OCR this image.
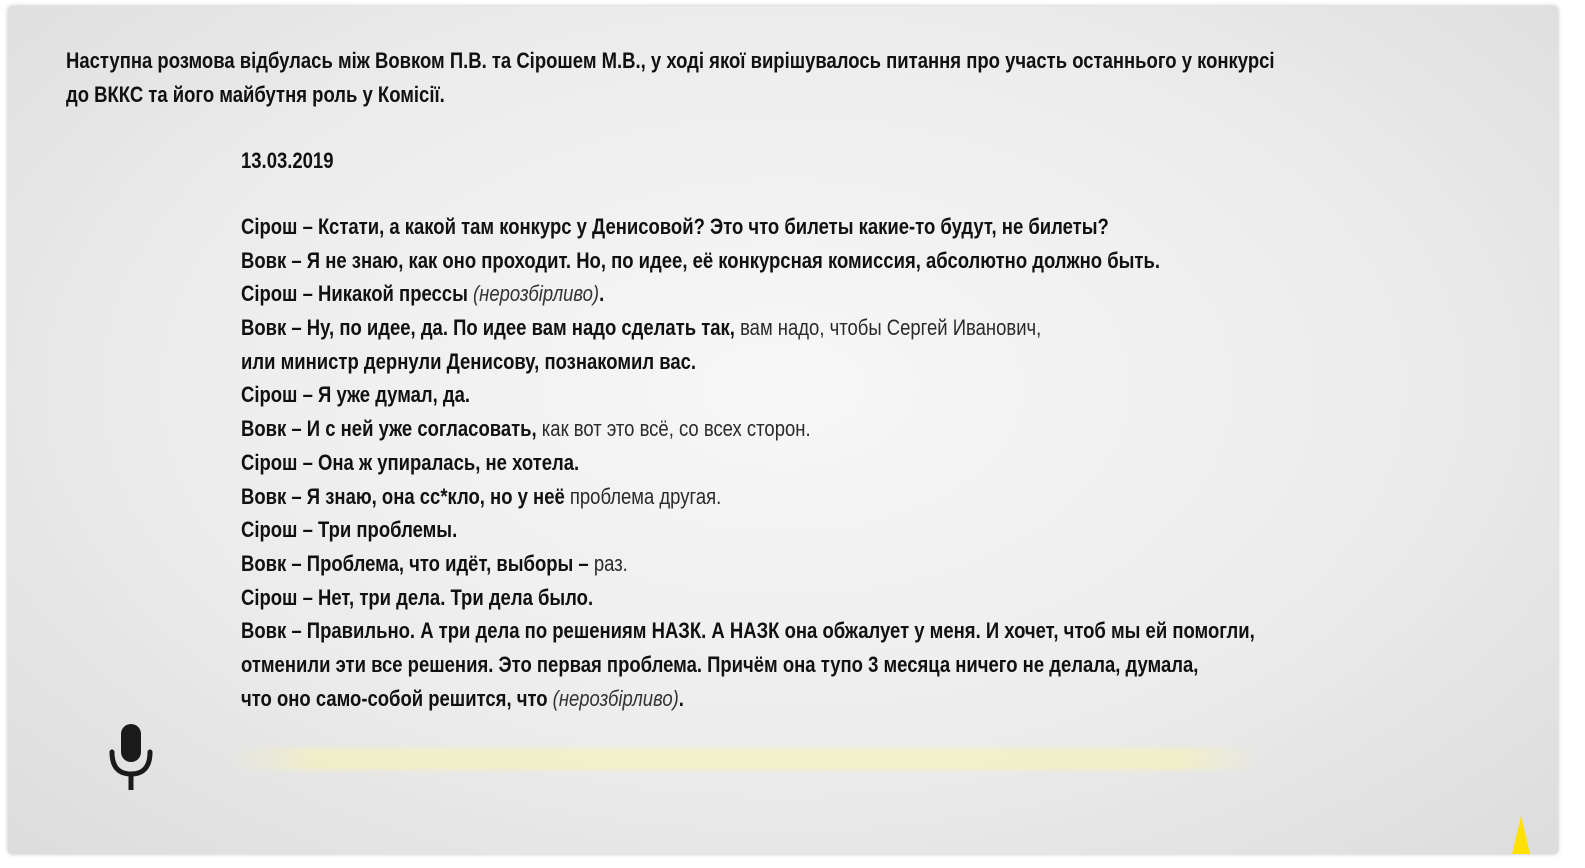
Наступна розмова відбулась між Вовком П.В. та Сірошем М.В., у ході якої вирішувалось питання про участь останнього у конкурсі
до ВККС та його майбутня роль у Комісії.
13.03.2019
Сірош – Кстати, а какой там конкурс у Денисовой? Это что билеты какие-то будут, не билеты?
Вовк – Я не знаю, как оно проходит. Но, по идее, её конкурсная комиссия, абсолютно должно быть.
Сірош – Никакой прессы (нерозбірливо).
Вовк – Ну, по идее, да. По идее вам надо сделать так, вам надо, чтобы Сергей Иванович,
или министр дернули Денисову, познакомил вас.
Сірош – Я уже думал, да.
Вовк – И с ней уже согласовать, как вот это всё, со всех сторон.
Сірош – Она ж упиралась, не хотела.
Вовк – Я знаю, она сс*кло, но у неё проблема другая.
Сірош – Три проблемы.
Вовк – Проблема, что идёт, выборы – раз.
Сірош – Нет, три дела. Три дела было.
Вовк – Правильно. А три дела по решениям НАЗК. А НАЗК она обжалует у меня. И хочет, чтоб мы ей помогли,
отменили эти все решения. Это первая проблема. Причём она тупо 3 месяца ничего не делала, думала,
что оно само-собой решится, что (нерозбірливо).
